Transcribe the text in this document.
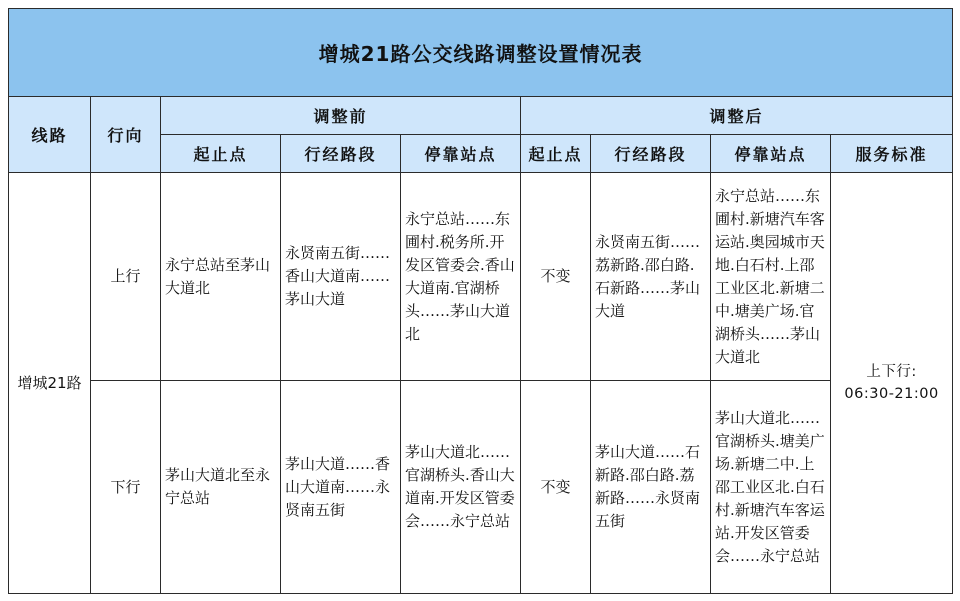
增城21路公交线路调整设置情况表								
线路	行向	调整前			调整后			
		起止点	行经路段	停靠站点	起止点	行经路段	停靠站点	服务标准
增城21路	上行	永宁总站至茅山大道北	永贤南五街……香山大道南……茅山大道	永宁总站……东圃村.税务所.开发区管委会.香山大道南.官湖桥头……茅山大道北	不变	永贤南五街……荔新路.邵白路.石新路……茅山大道	永宁总站……东圃村.新塘汽车客运站.奥园城市天地.白石村.上邵工业区北.新塘二中.塘美广场.官湖桥头……茅山大道北	上下行:
06:30-21:00

	下行	茅山大道北至永宁总站	茅山大道……香山大道南……永贤南五街	茅山大道北……官湖桥头.香山大道南.开发区管委会……永宁总站	不变	茅山大道……石新路.邵白路.荔新路……永贤南五街	茅山大道北……官湖桥头.塘美广场.新塘二中.上邵工业区北.白石村.新塘汽车客运站.开发区管委会……永宁总站	
